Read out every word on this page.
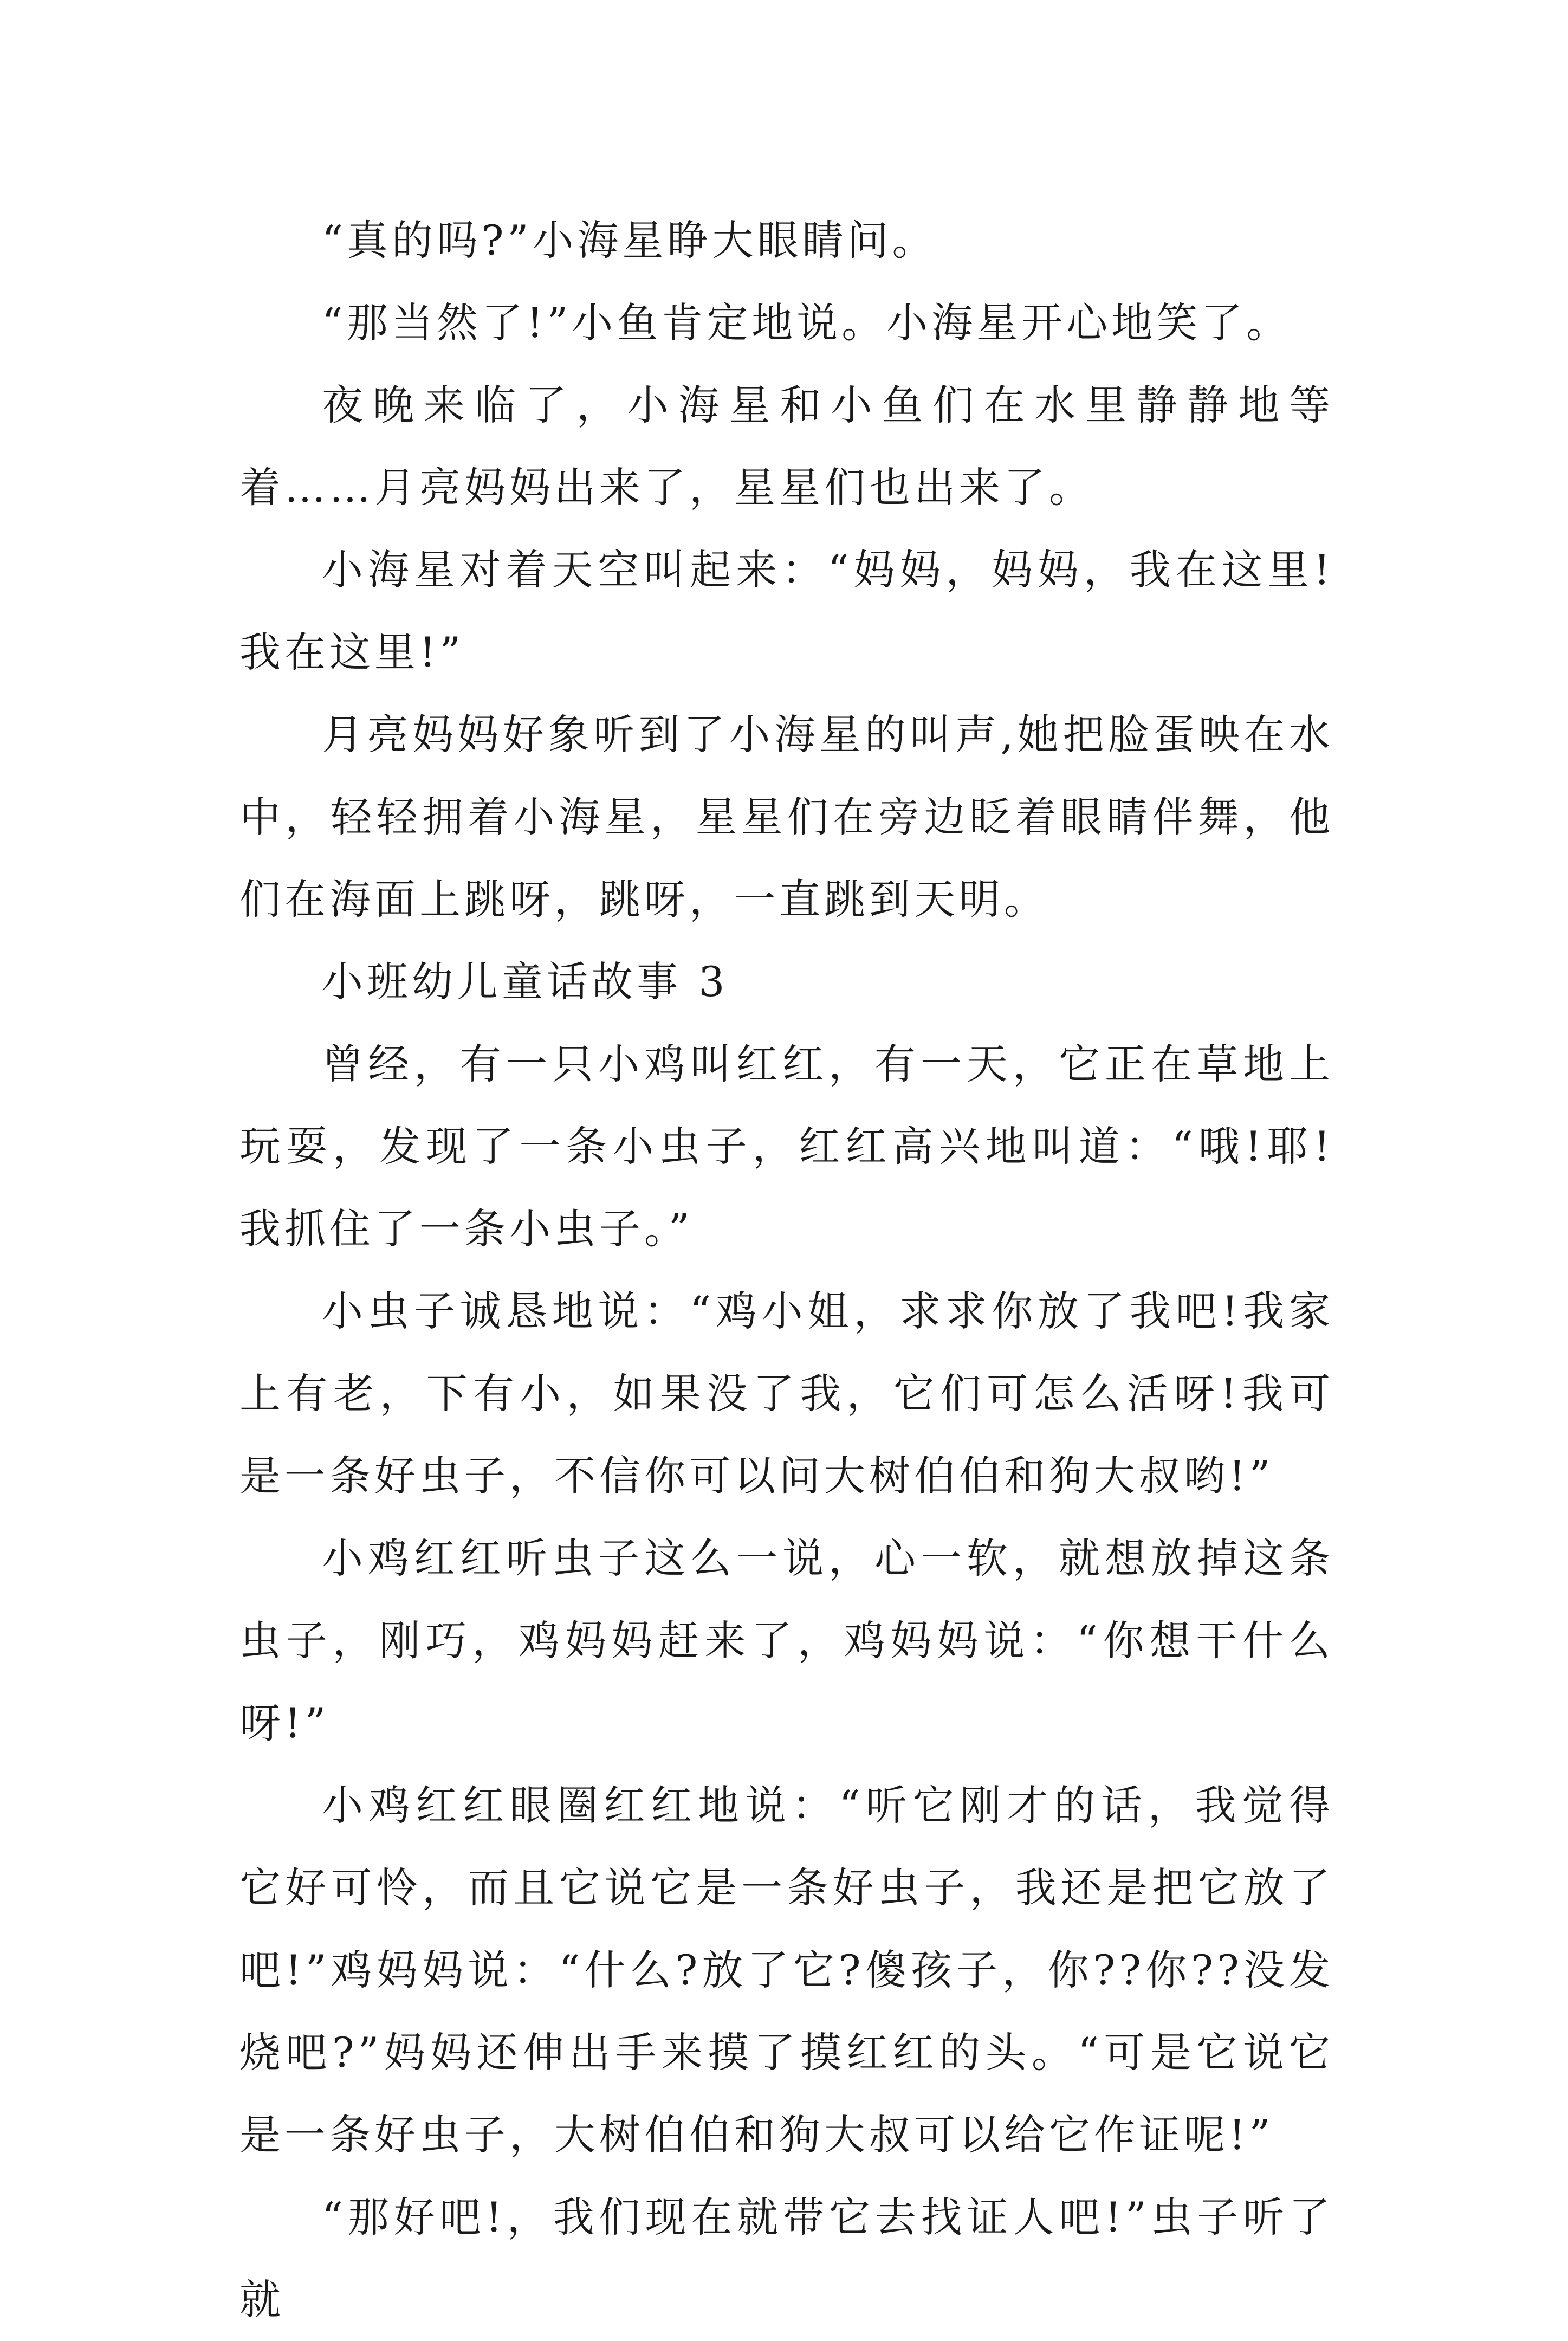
“真的吗?”小海星睁大眼睛问。

“那当然了!”小鱼肯定地说。小海星开心地笑了。

夜晚来临了，小海星和小鱼们在水里静静地等着……月亮妈妈出来了，星星们也出来了。

小海星对着天空叫起来：“妈妈，妈妈，我在这里!我在这里!”

月亮妈妈好象听到了小海星的叫声,她把脸蛋映在水中，轻轻拥着小海星，星星们在旁边眨着眼睛伴舞，他们在海面上跳呀，跳呀，一直跳到天明。

小班幼儿童话故事 3

曾经，有一只小鸡叫红红，有一天，它正在草地上玩耍，发现了一条小虫子，红红高兴地叫道：“哦!耶!我抓住了一条小虫子。”

小虫子诚恳地说：“鸡小姐，求求你放了我吧!我家上有老，下有小，如果没了我，它们可怎么活呀!我可是一条好虫子，不信你可以问大树伯伯和狗大叔哟!”

小鸡红红听虫子这么一说，心一软，就想放掉这条虫子，刚巧，鸡妈妈赶来了，鸡妈妈说：“你想干什么呀!”

小鸡红红眼圈红红地说：“听它刚才的话，我觉得它好可怜，而且它说它是一条好虫子，我还是把它放了吧!”鸡妈妈说：“什么?放了它?傻孩子，你??你??没发烧吧?”妈妈还伸出手来摸了摸红红的头。“可是它说它是一条好虫子，大树伯伯和狗大叔可以给它作证呢!”

“那好吧!，我们现在就带它去找证人吧!”虫子听了就
